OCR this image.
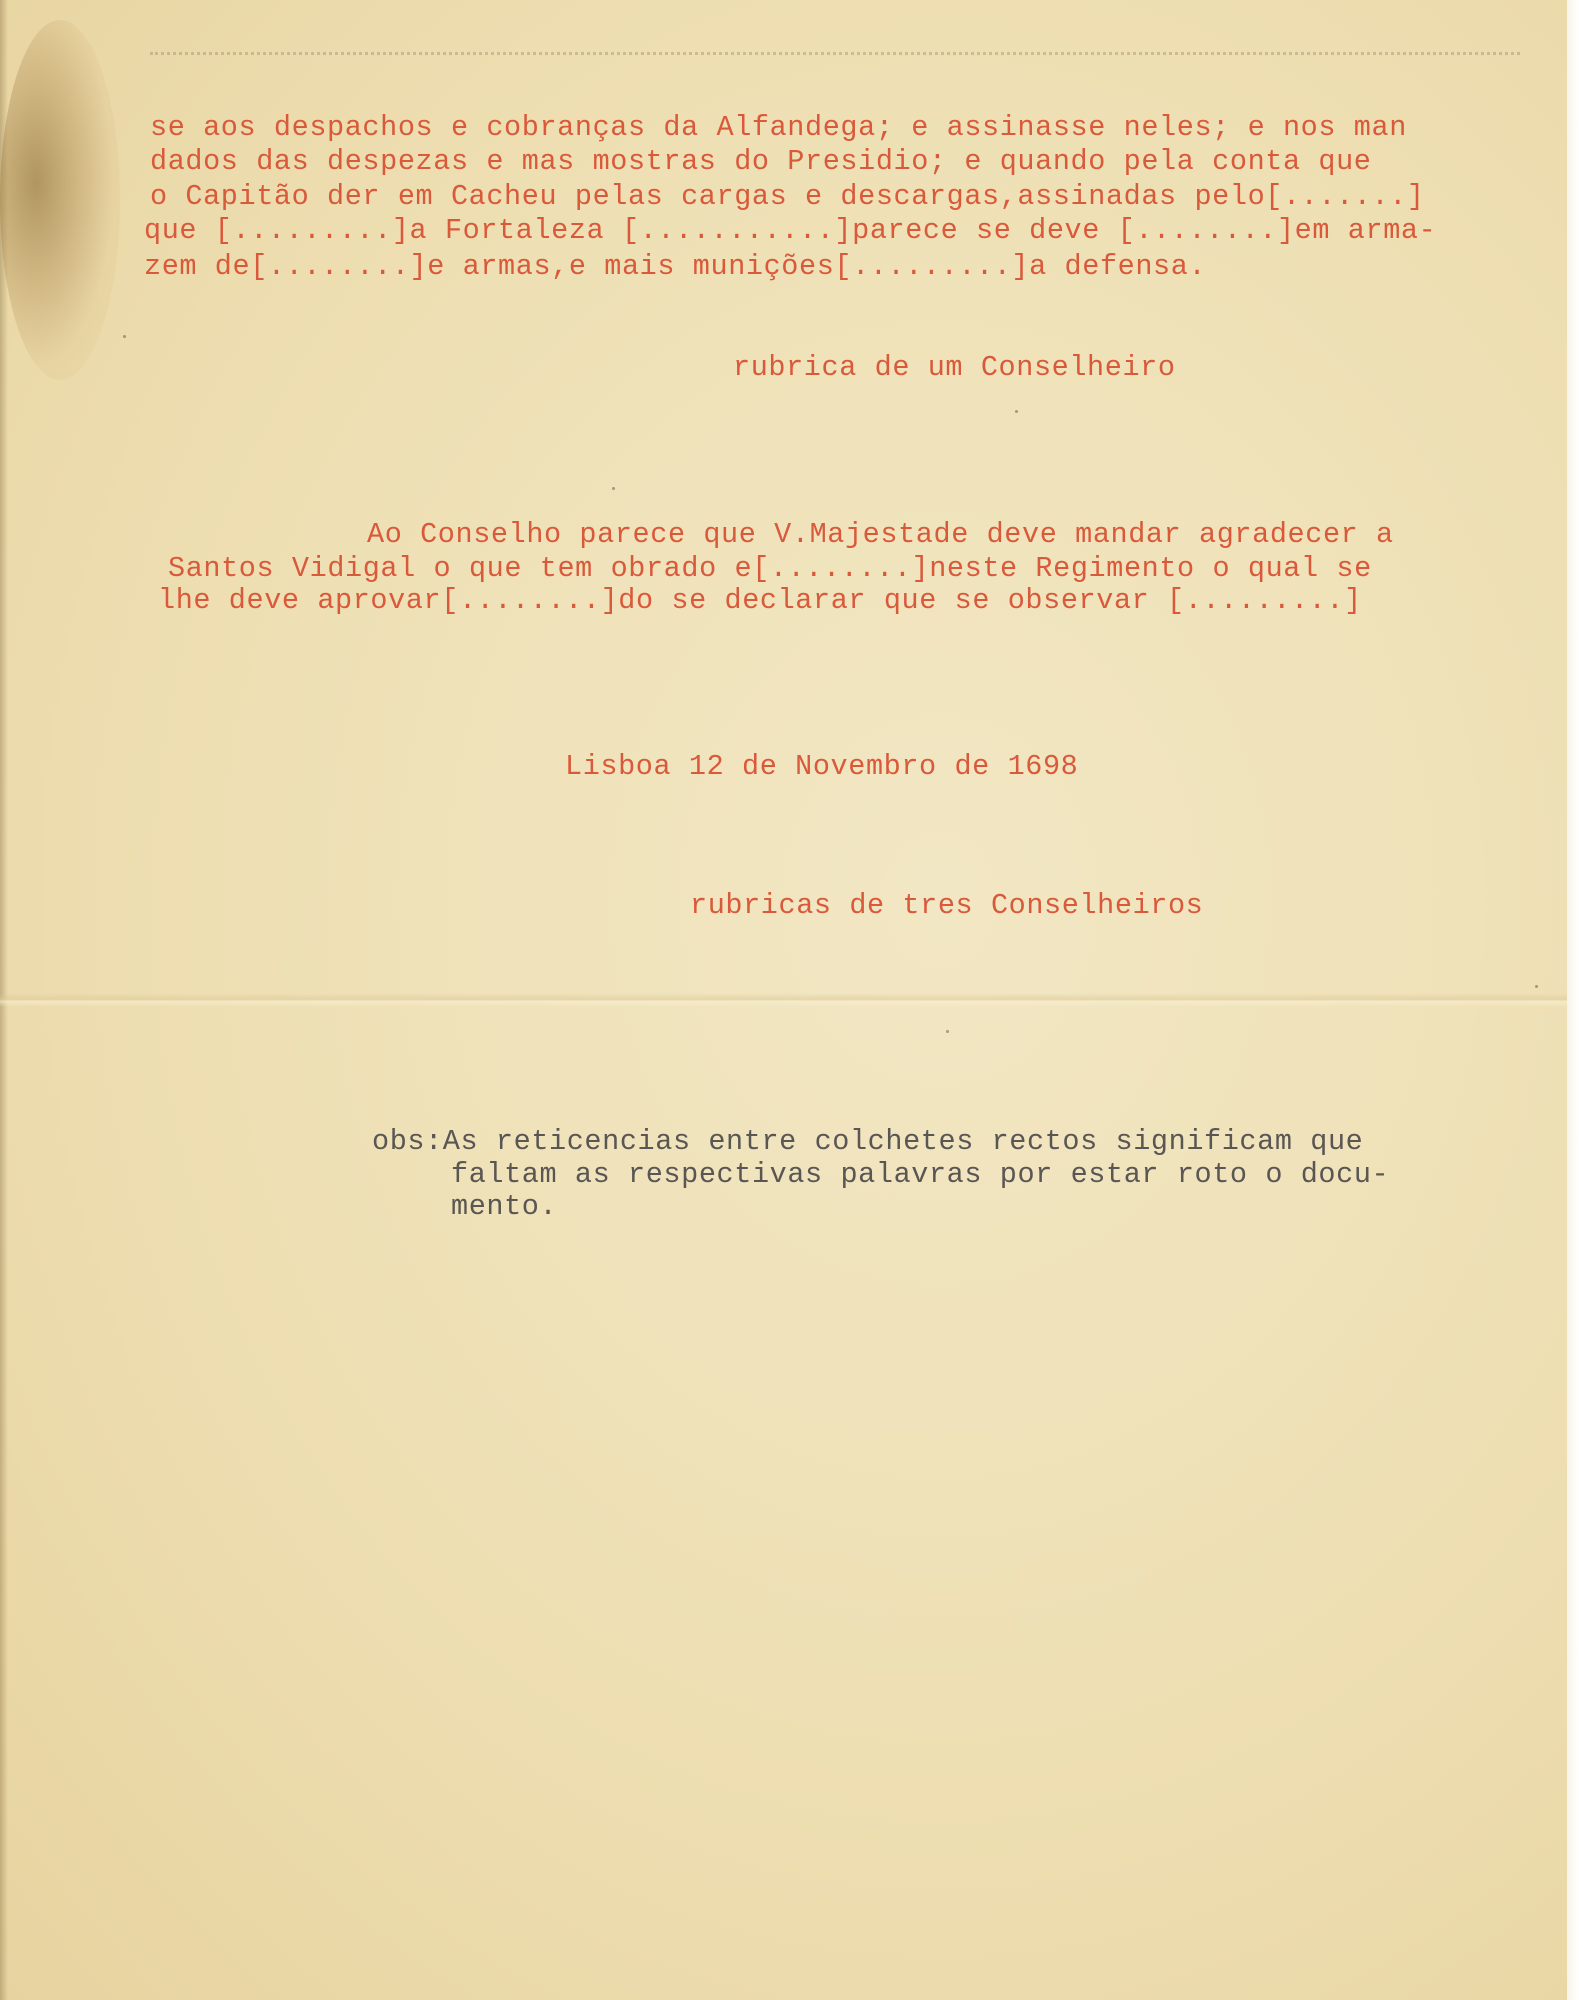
se aos despachos e cobranças da Alfandega; e assinasse neles; e nos man
dados das despezas e mas mostras do Presidio; e quando pela conta que
o Capitão der em Cacheu pelas cargas e descargas,assinadas pelo[.......]
que [.........]a Fortaleza [...........]parece se deve [........]em arma-
zem de[........]e armas,e mais munições[.........]a defensa.
rubrica de um Conselheiro
Ao Conselho parece que V.Majestade deve mandar agradecer a
Santos Vidigal o que tem obrado e[........]neste Regimento o qual se
lhe deve aprovar[........]do se declarar que se observar [.........]
Lisboa 12 de Novembro de 1698
rubricas de tres Conselheiros
obs:As reticencias entre colchetes rectos significam que
faltam as respectivas palavras por estar roto o docu-
mento.
